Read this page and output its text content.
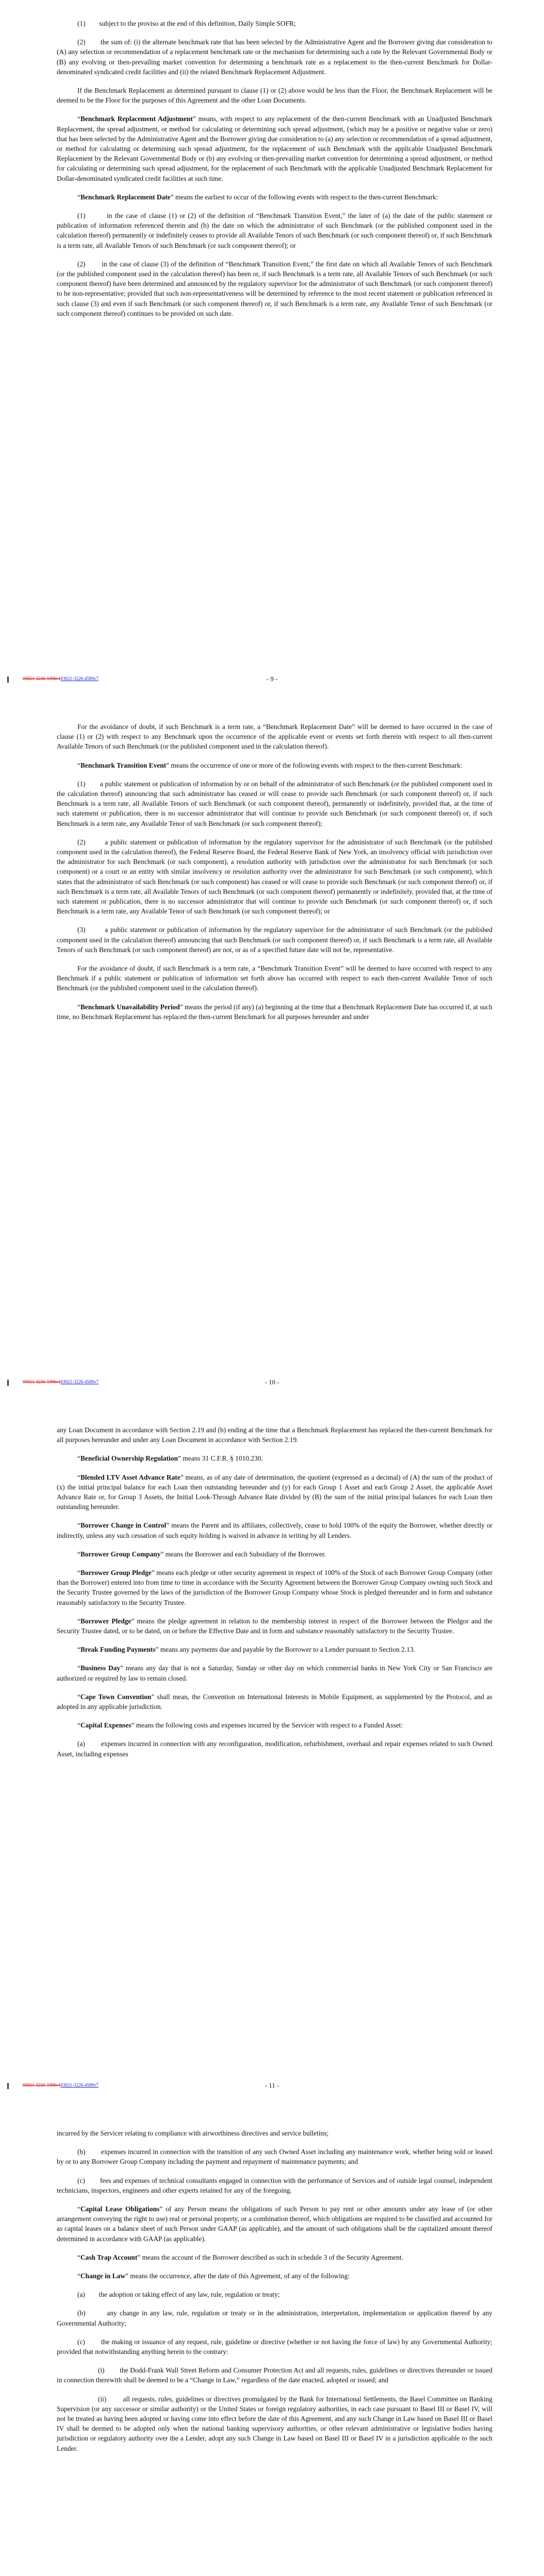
(1)        subject to the proviso at the end of this definition, Daily Simple SOFR;

(2)        the sum of: (i) the alternate benchmark rate that has been selected by the Administrative Agent and the Borrower giving due consideration to (A) any selection or recommendation of a replacement benchmark rate or the mechanism for determining such a rate by the Relevant Governmental Body or (B) any evolving or then-prevailing market convention for determining a benchmark rate as a replacement to the then-current Benchmark for Dollar-denominated syndicated credit facilities and (ii) the related Benchmark Replacement Adjustment.

If the Benchmark Replacement as determined pursuant to clause (1) or (2) above would be less than the Floor, the Benchmark Replacement will be deemed to be the Floor for the purposes of this Agreement and the other Loan Documents.

“Benchmark Replacement Adjustment” means, with respect to any replacement of the then-current Benchmark with an Unadjusted Benchmark Replacement, the spread adjustment, or method for calculating or determining such spread adjustment, (which may be a positive or negative value or zero) that has been selected by the Administrative Agent and the Borrower giving due consideration to (a) any selection or recommendation of a spread adjustment, or method for calculating or determining such spread adjustment, for the replacement of such Benchmark with the applicable Unadjusted Benchmark Replacement by the Relevant Governmental Body or (b) any evolving or then-prevailing market convention for determining a spread adjustment, or method for calculating or determining such spread adjustment, for the replacement of such Benchmark with the applicable Unadjusted Benchmark Replacement for Dollar-denominated syndicated credit facilities at such time.

“Benchmark Replacement Date” means the earliest to occur of the following events with respect to the then-current Benchmark:

(1)        in the case of clause (1) or (2) of the definition of “Benchmark Transition Event,” the later of (a) the date of the public statement or publication of information referenced therein and (b) the date on which the administrator of such Benchmark (or the published component used in the calculation thereof) permanently or indefinitely ceases to provide all Available Tenors of such Benchmark (or such component thereof) or, if such Benchmark is a term rate, all Available Tenors of such Benchmark (or such component thereof); or

(2)        in the case of clause (3) of the definition of “Benchmark Transition Event,” the first date on which all Available Tenors of such Benchmark (or the published component used in the calculation thereof) has been or, if such Benchmark is a term rate, all Available Tenors of such Benchmark (or such component thereof) have been determined and announced by the regulatory supervisor for the administrator of such Benchmark (or such component thereof) to be non-representative; provided that such non-representativeness will be determined by reference to the most recent statement or publication referenced in such clause (3) and even if such Benchmark (or such component thereof) or, if such Benchmark is a term rate, any Available Tenor of such Benchmark (or such component thereof) continues to be provided on such date.

03021-3226-3396v103021-3226-4589v7	- 9 -

For the avoidance of doubt, if such Benchmark is a term rate, a “Benchmark Replacement Date” will be deemed to have occurred in the case of clause (1) or (2) with respect to any Benchmark upon the occurrence of the applicable event or events set forth therein with respect to all then-current Available Tenors of such Benchmark (or the published component used in the calculation thereof).

“Benchmark Transition Event” means the occurrence of one or more of the following events with respect to the then-current Benchmark:

(1)        a public statement or publication of information by or on behalf of the administrator of such Benchmark (or the published component used in the calculation thereof) announcing that such administrator has ceased or will cease to provide such Benchmark (or such component thereof) or, if such Benchmark is a term rate, all Available Tenors of such Benchmark (or such component thereof), permanently or indefinitely, provided that, at the time of such statement or publication, there is no successor administrator that will continue to provide such Benchmark (or such component thereof) or, if such Benchmark is a term rate, any Available Tenor of such Benchmark (or such component thereof);

(2)        a public statement or publication of information by the regulatory supervisor for the administrator of such Benchmark (or the published component used in the calculation thereof), the Federal Reserve Board, the Federal Reserve Bank of New York, an insolvency official with jurisdiction over the administrator for such Benchmark (or such component), a resolution authority with jurisdiction over the administrator for such Benchmark (or such component) or a court or an entity with similar insolvency or resolution authority over the administrator for such Benchmark (or such component), which states that the administrator of such Benchmark (or such component) has ceased or will cease to provide such Benchmark (or such component thereof) or, if such Benchmark is a term rate, all Available Tenors of such Benchmark (or such component thereof) permanently or indefinitely, provided that, at the time of such statement or publication, there is no successor administrator that will continue to provide such Benchmark (or such component thereof) or, if such Benchmark is a term rate, any Available Tenor of such Benchmark (or such component thereof); or

(3)        a public statement or publication of information by the regulatory supervisor for the administrator of such Benchmark (or the published component used in the calculation thereof) announcing that such Benchmark (or such component thereof) or, if such Benchmark is a term rate, all Available Tenors of such Benchmark (or such component thereof) are not, or as of a specified future date will not be, representative.

For the avoidance of doubt, if such Benchmark is a term rate, a “Benchmark Transition Event” will be deemed to have occurred with respect to any Benchmark if a public statement or publication of information set forth above has occurred with respect to each then-current Available Tenor of such Benchmark (or the published component used in the calculation thereof).

“Benchmark Unavailability Period” means the period (if any) (a) beginning at the time that a Benchmark Replacement Date has occurred if, at such time, no Benchmark Replacement has replaced the then-current Benchmark for all purposes hereunder and under

03021-3226-3396v103021-3226-4589v7	- 10 -

any Loan Document in accordance with Section 2.19 and (b) ending at the time that a Benchmark Replacement has replaced the then-current Benchmark for all purposes hereunder and under any Loan Document in accordance with Section 2.19.

“Beneficial Ownership Regulation” means 31 C.F.R. § 1010.230.

“Blended LTV Asset Advance Rate” means, as of any date of determination, the quotient (expressed as a decimal) of (A) the sum of the product of (x) the initial principal balance for each Loan then outstanding hereunder and (y) for each Group 1 Asset and each Group 2 Asset, the applicable Asset Advance Rate or, for Group 3 Assets, the Initial Look-Through Advance Rate divided by (B) the sum of the initial principal balances for each Loan then outstanding hereunder.

“Borrower Change in Control” means the Parent and its affiliates, collectively, cease to hold 100% of the equity the Borrower, whether directly or indirectly, unless any such cessation of such equity holding is waived in advance in writing by all Lenders.

“Borrower Group Company” means the Borrower and each Subsidiary of the Borrower.

“Borrower Group Pledge” means each pledge or other security agreement in respect of 100% of the Stock of each Borrower Group Company (other than the Borrower) entered into from time to time in accordance with the Security Agreement between the Borrower Group Company owning such Stock and the Security Trustee governed by the laws of the jurisdiction of the Borrower Group Company whose Stock is pledged thereunder and in form and substance reasonably satisfactory to the Security Trustee.

“Borrower Pledge” means the pledge agreement in relation to the membership interest in respect of the Borrower between the Pledgor and the Security Trustee dated, or to be dated, on or before the Effective Date and in form and substance reasonably satisfactory to the Security Trustee.

“Break Funding Payments” means any payments due and payable by the Borrower to a Lender pursuant to Section 2.13.

“Business Day” means any day that is not a Saturday, Sunday or other day on which commercial banks in New York City or San Francisco are authorized or required by law to remain closed.

“Cape Town Convention” shall mean, the Convention on International Interests in Mobile Equipment, as supplemented by the Protocol, and as adopted in any applicable jurisdiction.

“Capital Expenses” means the following costs and expenses incurred by the Servicer with respect to a Funded Asset:

(a)        expenses incurred in connection with any reconfiguration, modification, refurbishment, overhaul and repair expenses related to such Owned Asset, including expenses

03021-3226-3396v103021-3226-4589v7	- 11 -

incurred by the Servicer relating to compliance with airworthiness directives and service bulletins;

(b)        expenses incurred in connection with the transition of any such Owned Asset including any maintenance work, whether being sold or leased by or to any Borrower Group Company including the payment and repayment of maintenance payments; and

(c)        fees and expenses of technical consultants engaged in connection with the performance of Services and of outside legal counsel, independent technicians, inspectors, engineers and other experts retained for any of the foregoing.

“Capital Lease Obligations” of any Person means the obligations of such Person to pay rent or other amounts under any lease of (or other arrangement conveying the right to use) real or personal property, or a combination thereof, which obligations are required to be classified and accounted for as capital leases on a balance sheet of such Person under GAAP (as applicable), and the amount of such obligations shall be the capitalized amount thereof determined in accordance with GAAP (as applicable).

“Cash Trap Account” means the account of the Borrower described as such in schedule 3 of the Security Agreement.

“Change in Law” means the occurrence, after the date of this Agreement, of any of the following:

(a)        the adoption or taking effect of any law, rule, regulation or treaty;

(b)        any change in any law, rule, regulation or treaty or in the administration, interpretation, implementation or application thereof by any Governmental Authority;

(c)        the making or issuance of any request, rule, guideline or directive (whether or not having the force of law) by any Governmental Authority; provided that notwithstanding anything herein to the contrary:

(i)        the Dodd-Frank Wall Street Reform and Consumer Protection Act and all requests, rules, guidelines or directives thereunder or issued in connection therewith shall be deemed to be a “Change in Law,” regardless of the date enacted, adopted or issued; and

(ii)        all requests, rules, guidelines or directives promulgated by the Bank for International Settlements, the Basel Committee on Banking Supervision (or any successor or similar authority) or the United States or foreign regulatory authorities, in each case pursuant to Basel III or Basel IV, will not be treated as having been adopted or having come into effect before the date of this Agreement, and any such Change in Law based on Basel III or Basel IV shall be deemed to be adopted only when the national banking supervisory authorities, or other relevant administrative or legislative bodies having jurisdiction or regulatory authority over the a Lender, adopt any such Change in Law based on Basel III or Basel IV in a jurisdiction applicable to the such Lender.
